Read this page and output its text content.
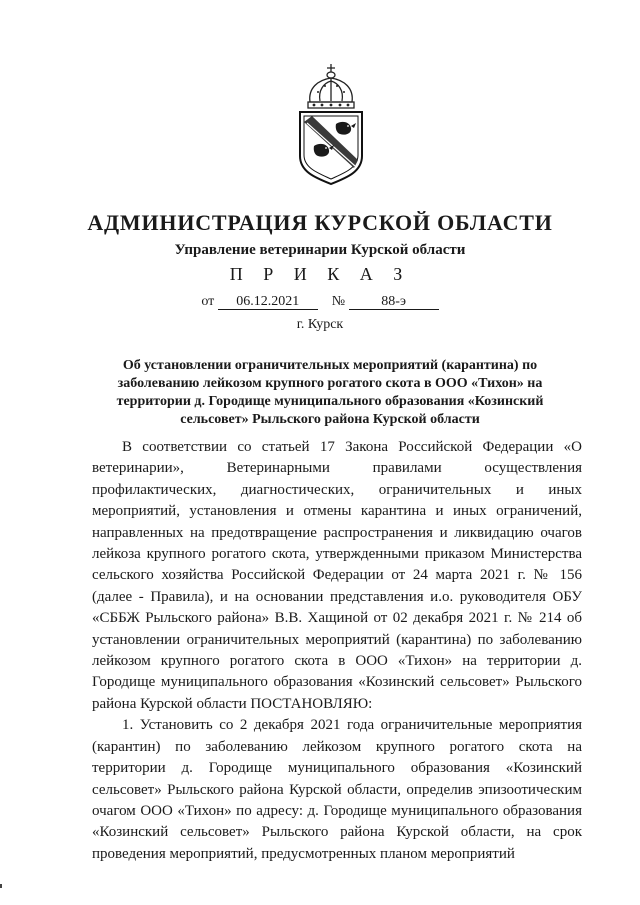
АДМИНИСТРАЦИЯ КУРСКОЙ ОБЛАСТИ
Управление ветеринарии Курской области
П Р И К А З
от 06.12.2021 №	88-э
г. Курск
Об установлении ограничительных мероприятий (карантина) по заболеванию лейкозом крупного рогатого скота в ООО «Тихон» на территории д. Городище муниципального образования «Козинский сельсовет» Рыльского района Курской области

В соответствии со статьей 17 Закона Российской Федерации «О ветеринарии», Ветеринарными правилами осуществления профилактических, диагностических, ограничительных и иных мероприятий, установления и отмены карантина и иных ограничений, направленных на предотвращение распространения и ликвидацию очагов лейкоза крупного рогатого скота, утвержденными приказом Министерства сельского хозяйства Российской Федерации от 24 марта 2021 г. № 156 (далее - Правила), и на основании представления и.о. руководителя ОБУ «СББЖ Рыльского района» В.В. Хащиной от 02 декабря 2021 г. № 214 об установлении ограничительных мероприятий (карантина) по заболеванию лейкозом крупного рогатого скота в ООО «Тихон» на территории д. Городище муниципального образования «Козинский сельсовет» Рыльского района Курской области ПОСТАНОВЛЯЮ:

1. Установить со 2 декабря 2021 года ограничительные мероприятия (карантин) по заболеванию лейкозом крупного рогатого скота на территории д. Городище муниципального образования «Козинский сельсовет» Рыльского района Курской области, определив эпизоотическим очагом ООО «Тихон» по адресу: д. Городище муниципального образования «Козинский сельсовет» Рыльского района Курской области, на срок проведения мероприятий, предусмотренных планом мероприятий
